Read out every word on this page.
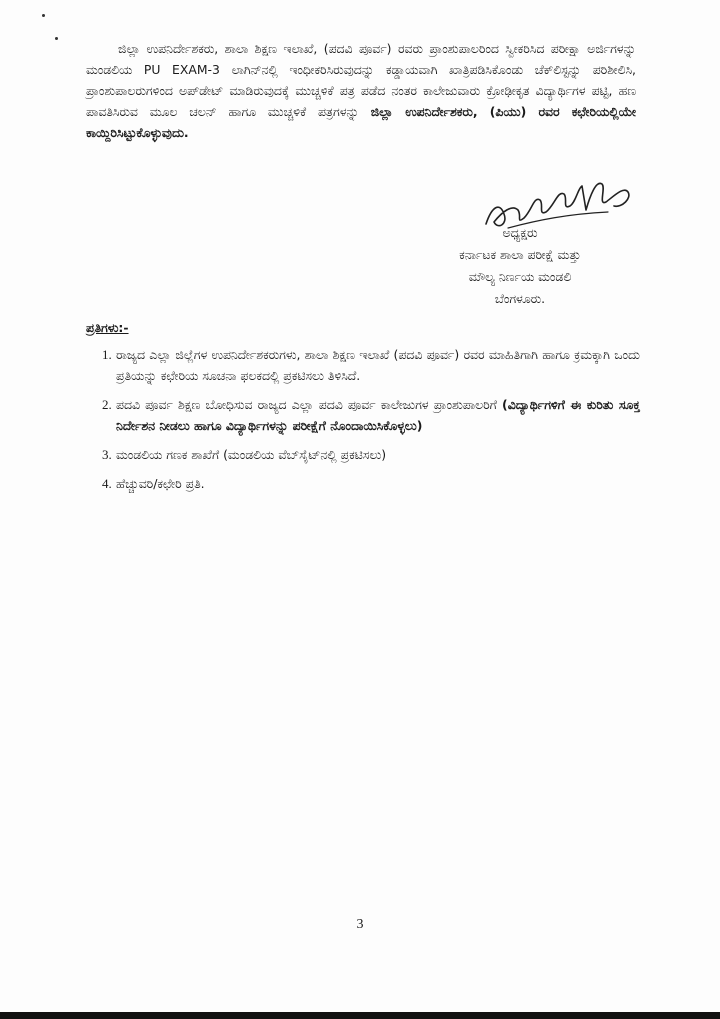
ಜಿಲ್ಲಾ ಉಪನಿರ್ದೇಶಕರು, ಶಾಲಾ ಶಿಕ್ಷಣ ಇಲಾಖೆ, (ಪದವಿ ಪೂರ್ವ) ರವರು ಪ್ರಾಂಶುಪಾಲರಿಂದ ಸ್ವೀಕರಿಸಿದ ಪರೀಕ್ಷಾ ಅರ್ಜಿಗಳನ್ನು ಮಂಡಲಿಯ PU EXAM-3 ಲಾಗಿನ್‌ನಲ್ಲಿ ಇಂಧೀಕರಿಸಿರುವುದನ್ನು ಕಡ್ಡಾಯವಾಗಿ ಖಾತ್ರಿಪಡಿಸಿಕೊಂಡು ಚೆಕ್‌ಲಿಸ್ಟನ್ನು ಪರಿಶೀಲಿಸಿ, ಪ್ರಾಂಶುಪಾಲರುಗಳಿಂದ ಅಪ್‌ಡೇಟ್ ಮಾಡಿರುವುದಕ್ಕೆ ಮುಚ್ಚಳಿಕೆ ಪತ್ರ ಪಡೆದ ನಂತರ ಕಾಲೇಜುವಾರು ಕ್ರೋಢೀಕೃತ ವಿದ್ಯಾರ್ಥಿಗಳ ಪಟ್ಟಿ, ಹಣ ಪಾವತಿಸಿರುವ ಮೂಲ ಚಲನ್ ಹಾಗೂ ಮುಚ್ಚಳಿಕೆ ಪತ್ರಗಳನ್ನು ಜಿಲ್ಲಾ ಉಪನಿರ್ದೇಶಕರು, (ಪಿಯು) ರವರ ಕಛೇರಿಯಲ್ಲಿಯೇ ಕಾಯ್ದಿರಿಸಿಟ್ಟುಕೊಳ್ಳುವುದು.

ಅಧ್ಯಕ್ಷರು
ಕರ್ನಾಟಕ ಶಾಲಾ ಪರೀಕ್ಷೆ ಮತ್ತು
ಮೌಲ್ಯ ನಿರ್ಣಯ ಮಂಡಲಿ
ಬೆಂಗಳೂರು.

ಪ್ರತಿಗಳು:-

1. ರಾಜ್ಯದ ಎಲ್ಲಾ ಜಿಲ್ಲೆಗಳ ಉಪನಿರ್ದೇಶಕರುಗಳು, ಶಾಲಾ ಶಿಕ್ಷಣ ಇಲಾಖೆ (ಪದವಿ ಪೂರ್ವ) ರವರ ಮಾಹಿತಿಗಾಗಿ ಹಾಗೂ ಕ್ರಮಕ್ಕಾಗಿ ಒಂದು ಪ್ರತಿಯನ್ನು ಕಛೇರಿಯ ಸೂಚನಾ ಫಲಕದಲ್ಲಿ ಪ್ರಕಟಿಸಲು ತಿಳಿಸಿದೆ.
2. ಪದವಿ ಪೂರ್ವ ಶಿಕ್ಷಣ ಬೋಧಿಸುವ ರಾಜ್ಯದ ಎಲ್ಲಾ ಪದವಿ ಪೂರ್ವ ಕಾಲೇಜುಗಳ ಪ್ರಾಂಶುಪಾಲರಿಗೆ (ವಿದ್ಯಾರ್ಥಿಗಳಿಗೆ ಈ ಕುರಿತು ಸೂಕ್ತ ನಿರ್ದೇಶನ ನೀಡಲು ಹಾಗೂ ವಿದ್ಯಾರ್ಥಿಗಳನ್ನು ಪರೀಕ್ಷೆಗೆ ನೊಂದಾಯಿಸಿಕೊಳ್ಳಲು)
3. ಮಂಡಲಿಯ ಗಣಕ ಶಾಖೆಗೆ (ಮಂಡಲಿಯ ವೆಬ್‌ಸೈಟ್‌ನಲ್ಲಿ ಪ್ರಕಟಿಸಲು)
4. ಹೆಚ್ಚುವರಿ/ಕಛೇರಿ ಪ್ರತಿ.
3
